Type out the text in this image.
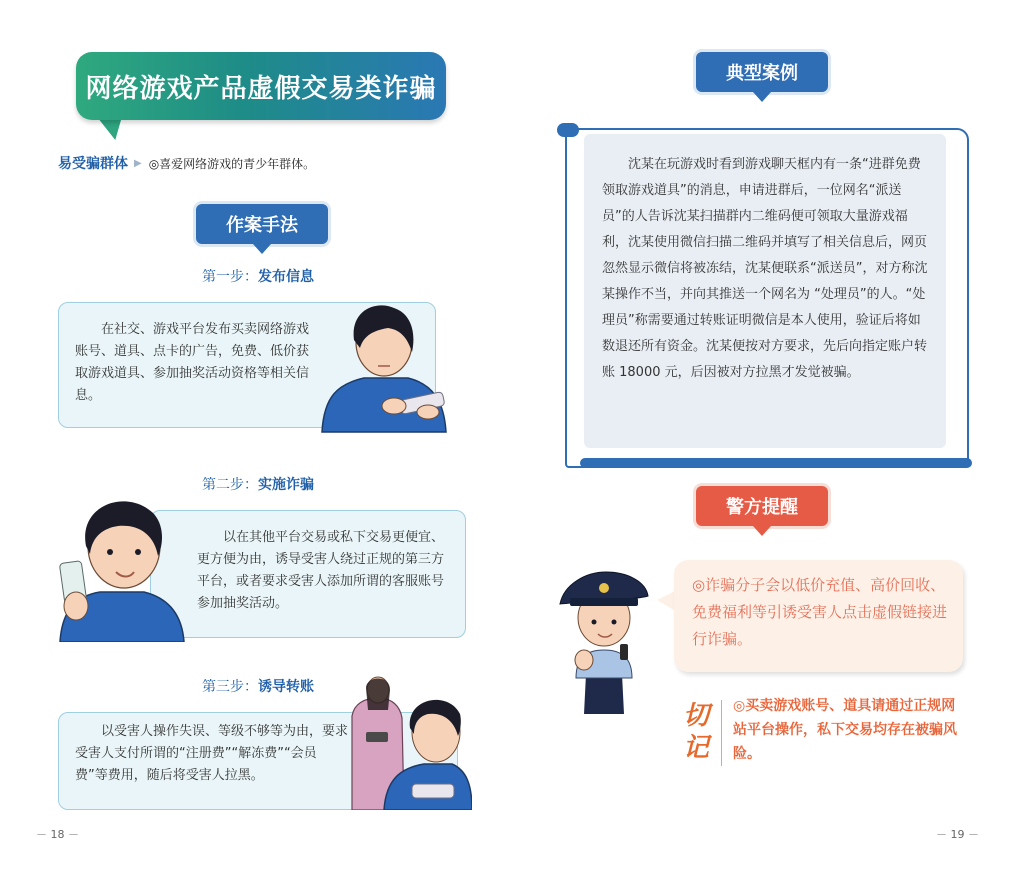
网络游戏产品虚假交易类诈骗
易受骗群体 ▶ ◎喜爱网络游戏的青少年群体。
作案手法
第一步：发布信息

在社交、游戏平台发布买卖网络游戏账号、道具、点卡的广告，免费、低价获取游戏道具、参加抽奖活动资格等相关信息。

第二步：实施诈骗

以在其他平台交易或私下交易更便宜、更方便为由，诱导受害人绕过正规的第三方平台，或者要求受害人添加所谓的客服账号参加抽奖活动。

第三步：诱导转账

以受害人操作失误、等级不够等为由，要求受害人支付所谓的“注册费”“解冻费”“会员费”等费用，随后将受害人拉黑。

－ 18 －
典型案例

沈某在玩游戏时看到游戏聊天框内有一条“进群免费领取游戏道具”的消息，申请进群后，一位网名“派送员”的人告诉沈某扫描群内二维码便可领取大量游戏福利，沈某使用微信扫描二维码并填写了相关信息后，网页忽然显示微信将被冻结，沈某便联系“派送员”，对方称沈某操作不当，并向其推送一个网名为 “处理员”的人。“处理员”称需要通过转账证明微信是本人使用，验证后将如数退还所有资金。沈某便按对方要求，先后向指定账户转账 18000 元，后因被对方拉黑才发觉被骗。

警方提醒
◎诈骗分子会以低价充值、高价回收、免费福利等引诱受害人点击虚假链接进行诈骗。
切记
◎买卖游戏账号、道具请通过正规网站平台操作，私下交易均存在被骗风险。
－ 19 －
